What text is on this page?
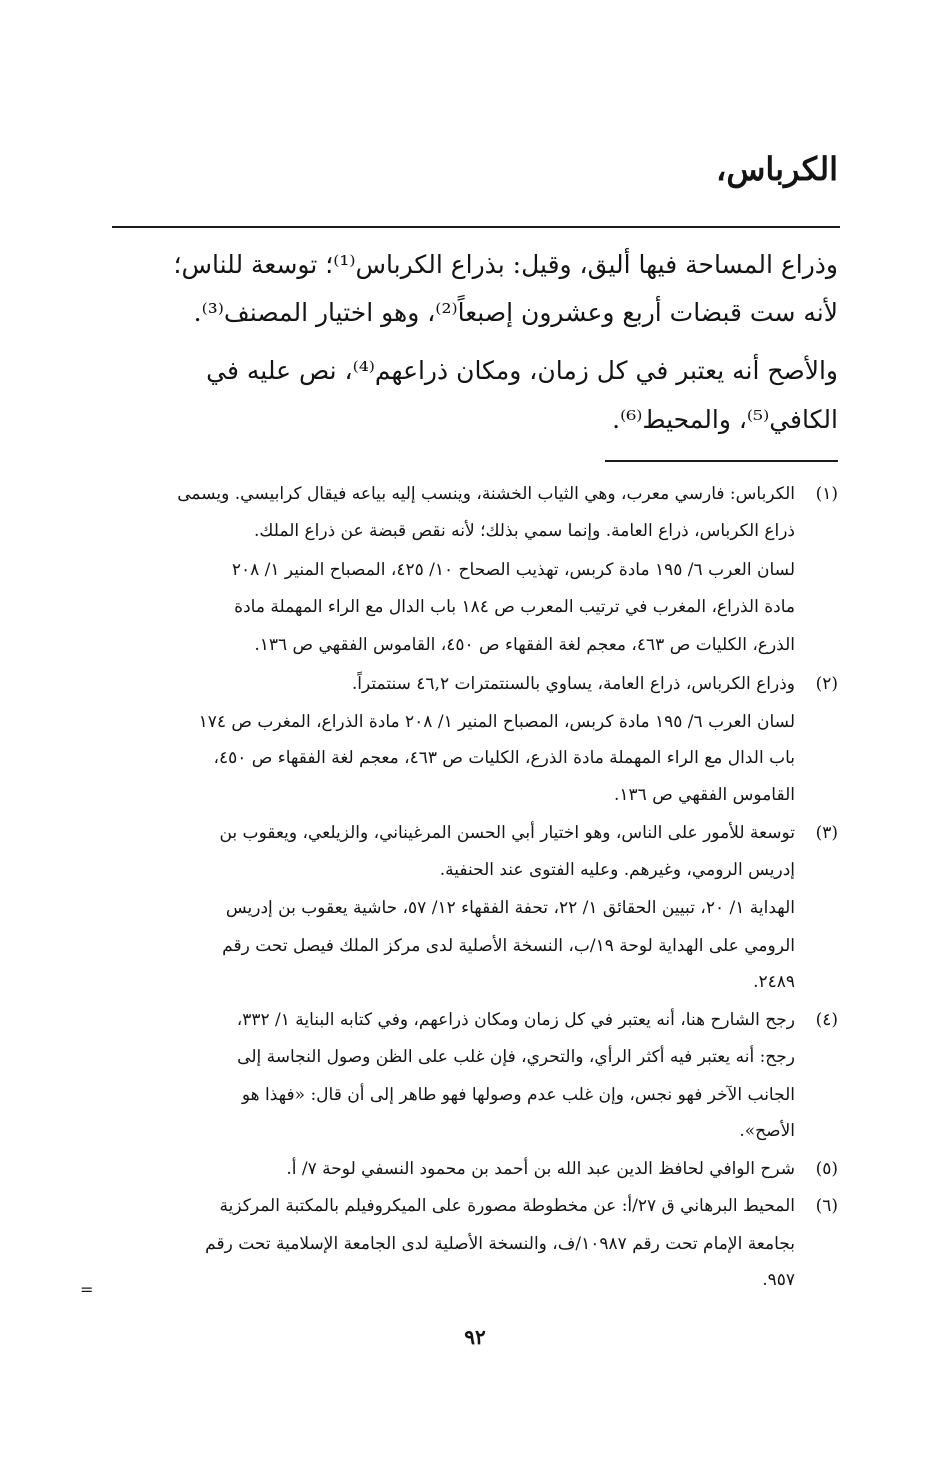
الكرباس،
وذراع المساحة فيها أليق، وقيل: بذراع الكرباس⁽¹⁾؛ توسعة للناس؛
لأنه ست قبضات أربع وعشرون إصبعاً⁽²⁾، وهو اختيار المصنف⁽³⁾.
والأصح أنه يعتبر في كل زمان، ومكان ذراعهم⁽⁴⁾، نص عليه في
الكافي⁽⁵⁾، والمحيط⁽⁶⁾.
(١)
(٢)
(٣)
(٤)
(٥)
(٦)
الكرباس: فارسي معرب، وهي الثياب الخشنة، وينسب إليه بياعه فيقال كرابيسي. ويسمى
ذراع الكرباس، ذراع العامة. وإنما سمي بذلك؛ لأنه نقص قبضة عن ذراع الملك.
لسان العرب ٦/ ١٩٥ مادة كربس، تهذيب الصحاح ١٠/ ٤٢٥، المصباح المنير ١/ ٢٠٨
مادة الذراع، المغرب في ترتيب المعرب ص ١٨٤ باب الدال مع الراء المهملة مادة
الذرع، الكليات ص ٤٦٣، معجم لغة الفقهاء ص ٤٥٠، القاموس الفقهي ص ١٣٦.
وذراع الكرباس، ذراع العامة، يساوي بالسنتمترات ٤٦,٢ سنتمتراً.
لسان العرب ٦/ ١٩٥ مادة كربس، المصباح المنير ١/ ٢٠٨ مادة الذراع، المغرب ص ١٧٤
باب الدال مع الراء المهملة مادة الذرع، الكليات ص ٤٦٣، معجم لغة الفقهاء ص ٤٥٠،
القاموس الفقهي ص ١٣٦.
توسعة للأمور على الناس، وهو اختيار أبي الحسن المرغيناني، والزيلعي، ويعقوب بن
إدريس الرومي، وغيرهم. وعليه الفتوى عند الحنفية.
الهداية ١/ ٢٠، تبيين الحقائق ١/ ٢٢، تحفة الفقهاء ١٢/ ٥٧، حاشية يعقوب بن إدريس
الرومي على الهداية لوحة ١٩/ب، النسخة الأصلية لدى مركز الملك فيصل تحت رقم
٢٤٨٩.
رجح الشارح هنا، أنه يعتبر في كل زمان ومكان ذراعهم، وفي كتابه البناية ١/ ٣٣٢،
رجح: أنه يعتبر فيه أكثر الرأي، والتحري، فإن غلب على الظن وصول النجاسة إلى
الجانب الآخر فهو نجس، وإن غلب عدم وصولها فهو طاهر إلى أن قال: «فهذا هو
الأصح».
شرح الوافي لحافظ الدين عبد الله بن أحمد بن محمود النسفي لوحة ٧/ أ.
المحيط البرهاني ق ٢٧/أ: عن مخطوطة مصورة على الميكروفيلم بالمكتبة المركزية
بجامعة الإمام تحت رقم ١٠٩٨٧/ف، والنسخة الأصلية لدى الجامعة الإسلامية تحت رقم
٩٥٧.
=
٩٢
